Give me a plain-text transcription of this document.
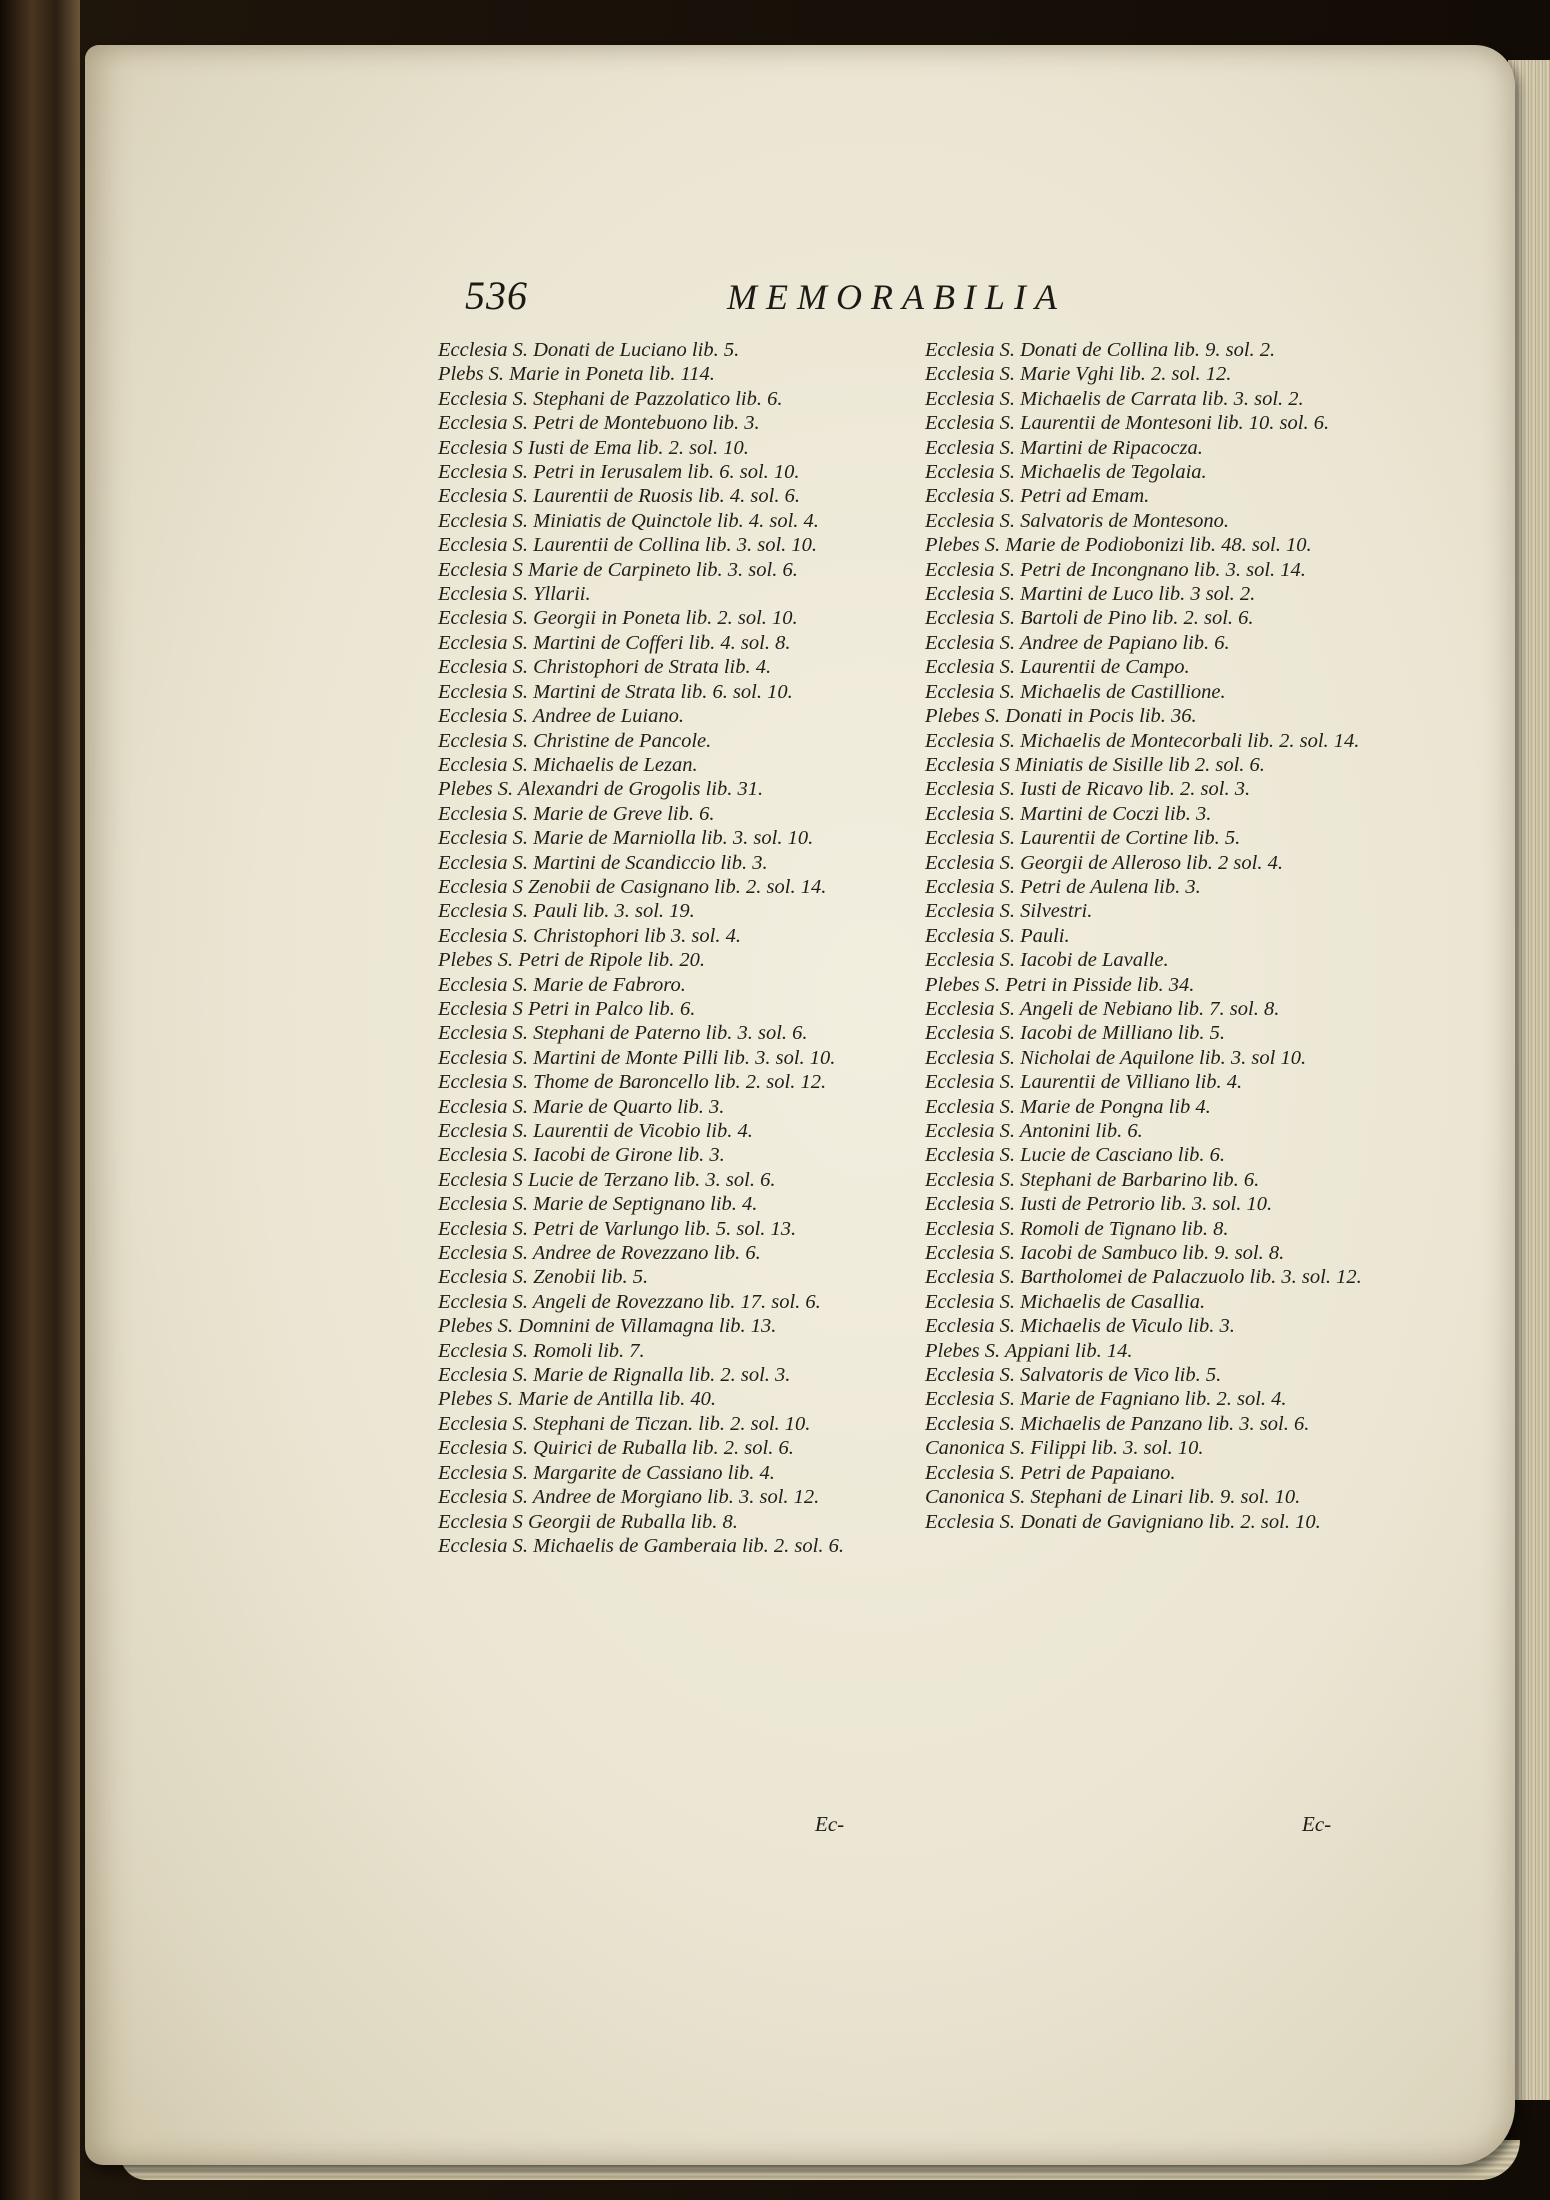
536	MEMORABILIA
Ecclesia S. Donati de Luciano lib. 5.
Plebs S. Marie in Poneta lib. 114.
Ecclesia S. Stephani de Pazzolatico lib. 6.
Ecclesia S. Petri de Montebuono lib. 3.
Ecclesia S Iusti de Ema lib. 2. sol. 10.
Ecclesia S. Petri in Ierusalem lib. 6. sol. 10.
Ecclesia S. Laurentii de Ruosis lib. 4. sol. 6.
Ecclesia S. Miniatis de Quinctole lib. 4. sol. 4.
Ecclesia S. Laurentii de Collina lib. 3. sol. 10.
Ecclesia S Marie de Carpineto lib. 3. sol. 6.
Ecclesia S. Yllarii.
Ecclesia S. Georgii in Poneta lib. 2. sol. 10.
Ecclesia S. Martini de Cofferi lib. 4. sol. 8.
Ecclesia S. Christophori de Strata lib. 4.
Ecclesia S. Martini de Strata lib. 6. sol. 10.
Ecclesia S. Andree de Luiano.
Ecclesia S. Christine de Pancole.
Ecclesia S. Michaelis de Lezan.
Plebes S. Alexandri de Grogolis lib. 31.
Ecclesia S. Marie de Greve lib. 6.
Ecclesia S. Marie de Marniolla lib. 3. sol. 10.
Ecclesia S. Martini de Scandiccio lib. 3.
Ecclesia S Zenobii de Casignano lib. 2. sol. 14.
Ecclesia S. Pauli lib. 3. sol. 19.
Ecclesia S. Christophori lib 3. sol. 4.
Plebes S. Petri de Ripole lib. 20.
Ecclesia S. Marie de Fabroro.
Ecclesia S Petri in Palco lib. 6.
Ecclesia S. Stephani de Paterno lib. 3. sol. 6.
Ecclesia S. Martini de Monte Pilli lib. 3. sol. 10.
Ecclesia S. Thome de Baroncello lib. 2. sol. 12.
Ecclesia S. Marie de Quarto lib. 3.
Ecclesia S. Laurentii de Vicobio lib. 4.
Ecclesia S. Iacobi de Girone lib. 3.
Ecclesia S Lucie de Terzano lib. 3. sol. 6.
Ecclesia S. Marie de Septignano lib. 4.
Ecclesia S. Petri de Varlungo lib. 5. sol. 13.
Ecclesia S. Andree de Rovezzano lib. 6.
Ecclesia S. Zenobii lib. 5.
Ecclesia S. Angeli de Rovezzano lib. 17. sol. 6.
Plebes S. Domnini de Villamagna lib. 13.
Ecclesia S. Romoli lib. 7.
Ecclesia S. Marie de Rignalla lib. 2. sol. 3.
Plebes S. Marie de Antilla lib. 40.
Ecclesia S. Stephani de Ticzan. lib. 2. sol. 10.
Ecclesia S. Quirici de Ruballa lib. 2. sol. 6.
Ecclesia S. Margarite de Cassiano lib. 4.
Ecclesia S. Andree de Morgiano lib. 3. sol. 12.
Ecclesia S Georgii de Ruballa lib. 8.
Ecclesia S. Michaelis de Gamberaia lib. 2. sol. 6.
Ecclesia S. Donati de Collina lib. 9. sol. 2.
Ecclesia S. Marie Vghi lib. 2. sol. 12.
Ecclesia S. Michaelis de Carrata lib. 3. sol. 2.
Ecclesia S. Laurentii de Montesoni lib. 10. sol. 6.
Ecclesia S. Martini de Ripacocza.
Ecclesia S. Michaelis de Tegolaia.
Ecclesia S. Petri ad Emam.
Ecclesia S. Salvatoris de Montesono.
Plebes S. Marie de Podiobonizi lib. 48. sol. 10.
Ecclesia S. Petri de Incongnano lib. 3. sol. 14.
Ecclesia S. Martini de Luco lib. 3 sol. 2.
Ecclesia S. Bartoli de Pino lib. 2. sol. 6.
Ecclesia S. Andree de Papiano lib. 6.
Ecclesia S. Laurentii de Campo.
Ecclesia S. Michaelis de Castillione.
Plebes S. Donati in Pocis lib. 36.
Ecclesia S. Michaelis de Montecorbali lib. 2. sol. 14.
Ecclesia S Miniatis de Sisille lib 2. sol. 6.
Ecclesia S. Iusti de Ricavo lib. 2. sol. 3.
Ecclesia S. Martini de Coczi lib. 3.
Ecclesia S. Laurentii de Cortine lib. 5.
Ecclesia S. Georgii de Alleroso lib. 2 sol. 4.
Ecclesia S. Petri de Aulena lib. 3.
Ecclesia S. Silvestri.
Ecclesia S. Pauli.
Ecclesia S. Iacobi de Lavalle.
Plebes S. Petri in Pisside lib. 34.
Ecclesia S. Angeli de Nebiano lib. 7. sol. 8.
Ecclesia S. Iacobi de Milliano lib. 5.
Ecclesia S. Nicholai de Aquilone lib. 3. sol 10.
Ecclesia S. Laurentii de Villiano lib. 4.
Ecclesia S. Marie de Pongna lib 4.
Ecclesia S. Antonini lib. 6.
Ecclesia S. Lucie de Casciano lib. 6.
Ecclesia S. Stephani de Barbarino lib. 6.
Ecclesia S. Iusti de Petrorio lib. 3. sol. 10.
Ecclesia S. Romoli de Tignano lib. 8.
Ecclesia S. Iacobi de Sambuco lib. 9. sol. 8.
Ecclesia S. Bartholomei de Palaczuolo lib. 3. sol. 12.
Ecclesia S. Michaelis de Casallia.
Ecclesia S. Michaelis de Viculo lib. 3.
Plebes S. Appiani lib. 14.
Ecclesia S. Salvatoris de Vico lib. 5.
Ecclesia S. Marie de Fagniano lib. 2. sol. 4.
Ecclesia S. Michaelis de Panzano lib. 3. sol. 6.
Canonica S. Filippi lib. 3. sol. 10.
Ecclesia S. Petri de Papaiano.
Canonica S. Stephani de Linari lib. 9. sol. 10.
Ecclesia S. Donati de Gavigniano lib. 2. sol. 10.
Ec-	Ec-
